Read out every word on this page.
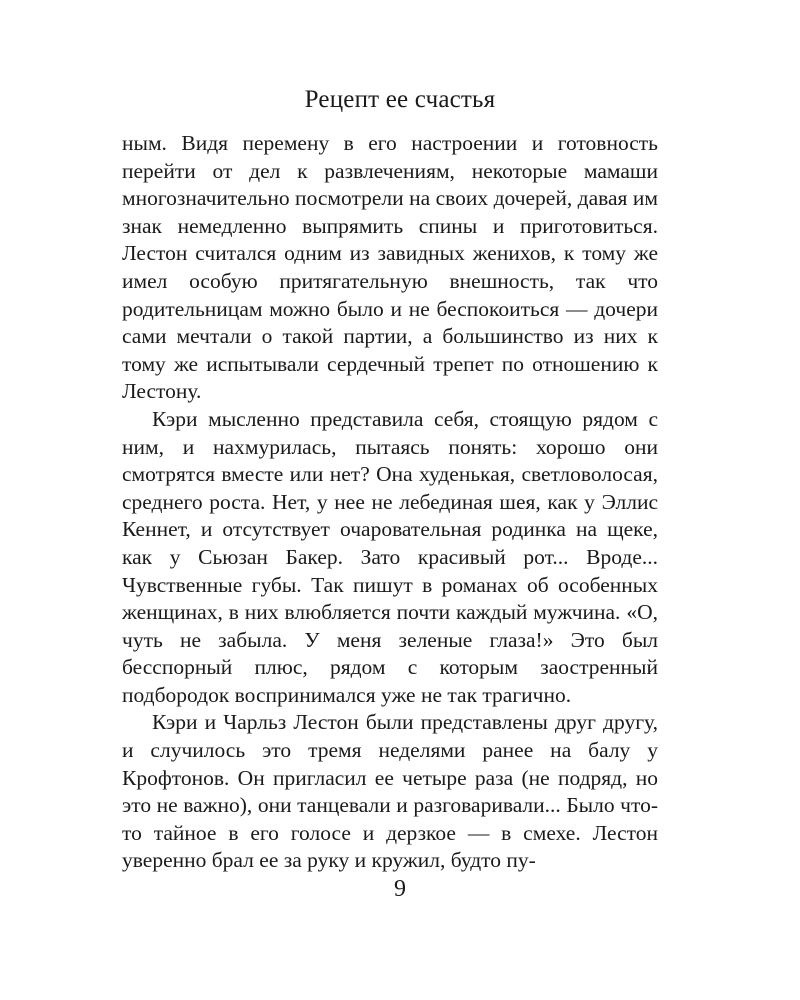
Рецепт ее счастья

ным. Видя перемену в его настроении и готовность перейти от дел к развлечениям, некоторые мамаши многозначительно посмотрели на своих дочерей, давая им знак немедленно выпрямить спины и приготовиться. Лестон считался одним из завидных женихов, к тому же имел особую притягательную внешность, так что родительницам можно было и не беспокоиться — дочери сами мечтали о такой партии, а большинство из них к тому же испытывали сердечный трепет по отношению к Лестону.

Кэри мысленно представила себя, стоящую рядом с ним, и нахмурилась, пытаясь понять: хорошо они смотрятся вместе или нет? Она худенькая, светловолосая, среднего роста. Нет, у нее не лебединая шея, как у Эллис Кеннет, и отсутствует очаровательная родинка на щеке, как у Сьюзан Бакер. Зато красивый рот... Вроде... Чувственные губы. Так пишут в романах об особенных женщинах, в них влюбляется почти каждый мужчина. «О, чуть не забыла. У меня зеленые глаза!» Это был бесспорный плюс, рядом с которым заостренный подбородок воспринимался уже не так трагично.

Кэри и Чарльз Лестон были представлены друг другу, и случилось это тремя неделями ранее на балу у Крофтонов. Он пригласил ее четыре раза (не подряд, но это не важно), они танцевали и разговаривали... Было что-то тайное в его голосе и дерзкое — в смехе. Лестон уверенно брал ее за руку и кружил, будто пу-

9
